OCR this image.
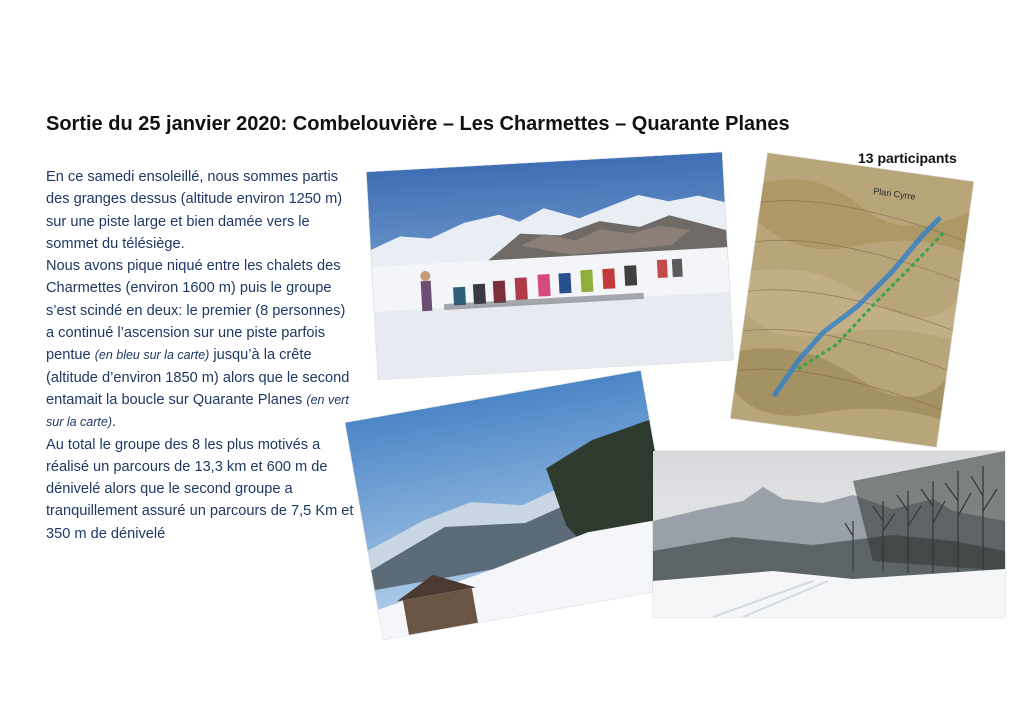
Sortie du 25 janvier 2020: Combelouvière – Les Charmettes – Quarante Planes
13 participants

En ce samedi ensoleillé, nous sommes partis des granges dessus (altitude environ 1250 m) sur une piste large et bien damée vers le sommet du télésiège.

Nous avons pique niqué entre les chalets des Charmettes (environ 1600 m) puis le groupe s’est scindé en deux: le premier (8 personnes) a continué l’ascension sur une piste parfois pentue (en bleu sur la carte) jusqu’à la crête (altitude d’environ 1850 m) alors que le second entamait la boucle sur Quarante Planes (en vert sur la carte).

Au total le groupe des 8 les plus motivés a réalisé un parcours de 13,3 km et 600 m de dénivelé alors que le second groupe a tranquillement assuré un parcours de 7,5 Km et 350 m de dénivelé

Plan Cyrre
